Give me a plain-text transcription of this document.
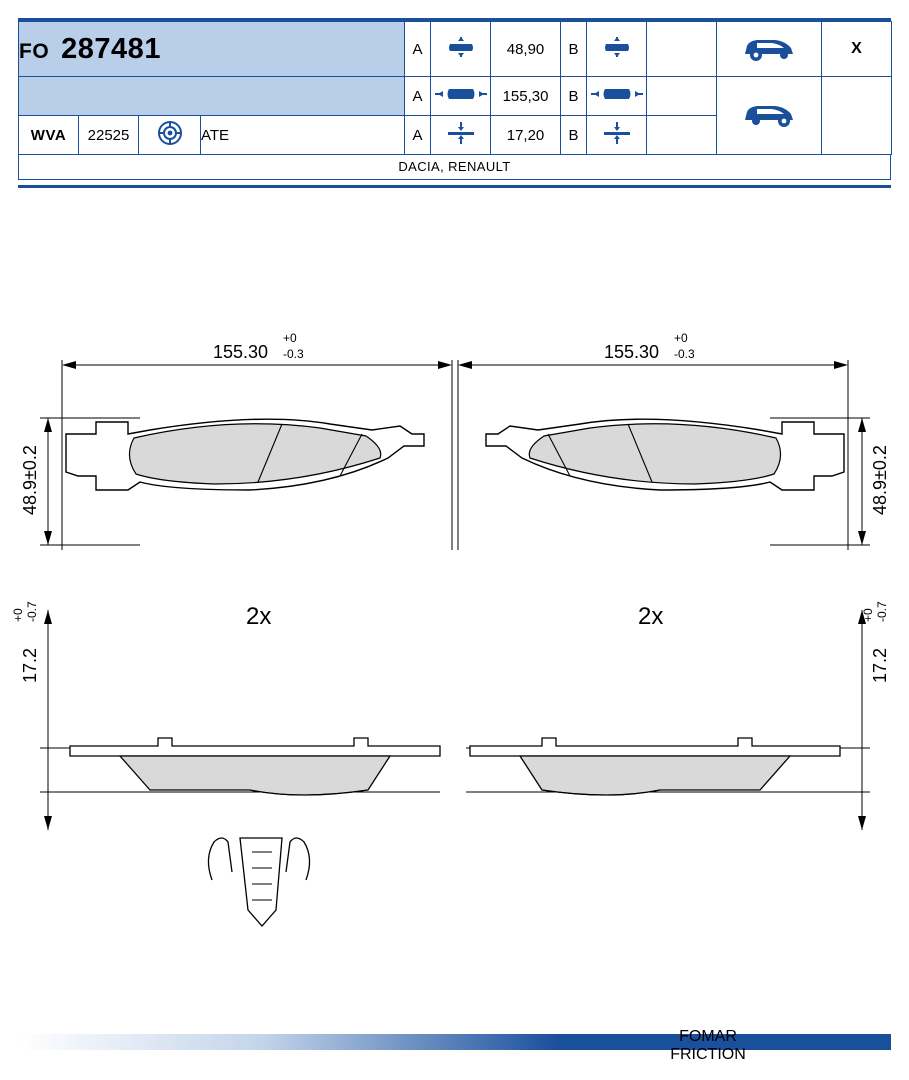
FO 287481				A		48,90	B				X
				A		155,30	B				
WVA	22525		ATE	A		17,20	B		
DACIA, RENAULT
155.30
+0
-0.3	155.30
+0
-0.3
48.9±0.2	48.9±0.2
17.2
+0 -0.7
17.2
+0 -0.7
2x	2x
FOMAR
FRICTION
